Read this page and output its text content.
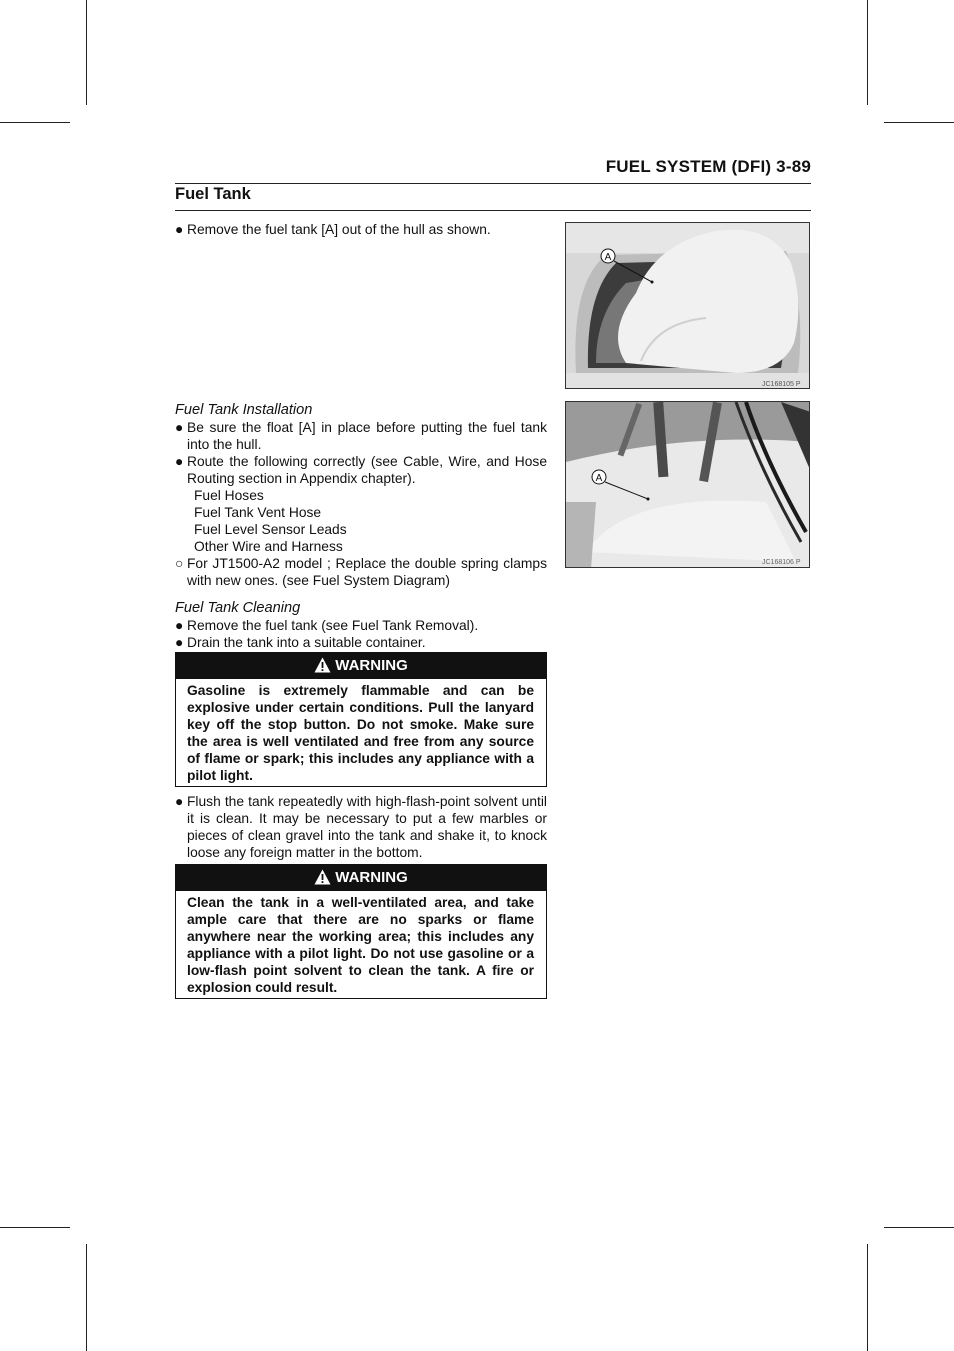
FUEL SYSTEM (DFI) 3-89
Fuel Tank
● Remove the fuel tank [A] out of the hull as shown.
Fuel Tank Installation
● Be sure the float [A] in place before putting the fuel tank into the hull.
● Route the following correctly (see Cable, Wire, and Hose Routing section in Appendix chapter).
Fuel Hoses
Fuel Tank Vent Hose
Fuel Level Sensor Leads
Other Wire and Harness
○ For JT1500-A2 model ; Replace the double spring clamps with new ones. (see Fuel System Diagram)
Fuel Tank Cleaning
● Remove the fuel tank (see Fuel Tank Removal).
● Drain the tank into a suitable container.
WARNING
Gasoline is extremely flammable and can be explosive under certain conditions. Pull the lanyard key off the stop button. Do not smoke. Make sure the area is well ventilated and free from any source of flame or spark; this includes any appliance with a pilot light.
● Flush the tank repeatedly with high-flash-point solvent until it is clean. It may be necessary to put a few marbles or pieces of clean gravel into the tank and shake it, to knock loose any foreign matter in the bottom.
WARNING
Clean the tank in a well-ventilated area, and take ample care that there are no sparks or flame anywhere near the working area; this includes any appliance with a pilot light. Do not use gasoline or a low-flash point solvent to clean the tank. A fire or explosion could result.
A
JC168105 P
A
JC168106 P
